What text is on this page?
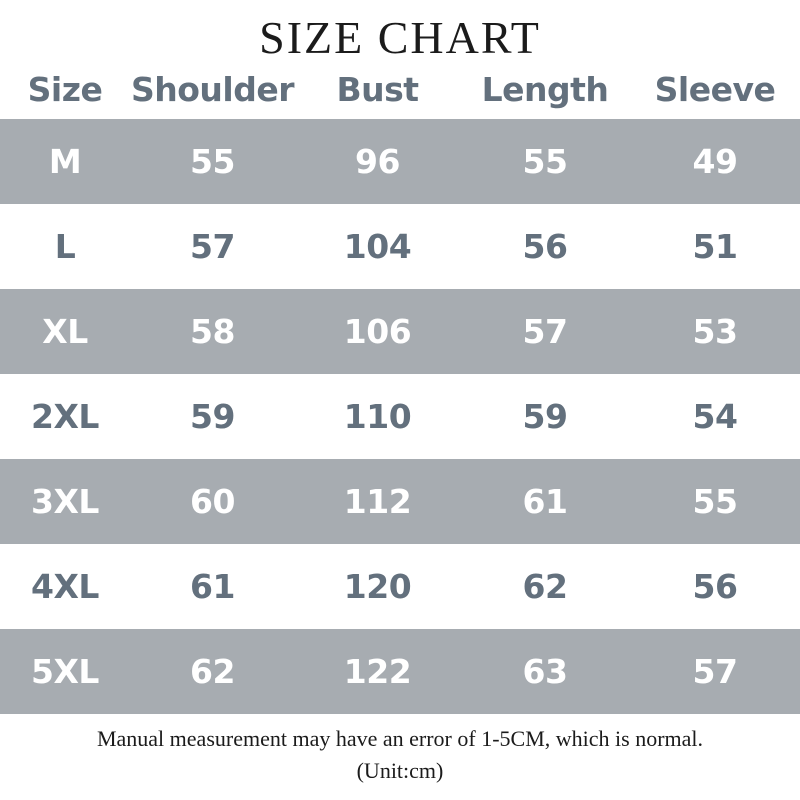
SIZE CHART
Size	Shoulder	Bust	Length	Sleeve
M	55	96	55	49
L	57	104	56	51
XL	58	106	57	53
2XL	59	110	59	54
3XL	60	112	61	55
4XL	61	120	62	56
5XL	62	122	63	57
Manual measurement may have an error of 1-5CM, which is normal.
(Unit:cm)
